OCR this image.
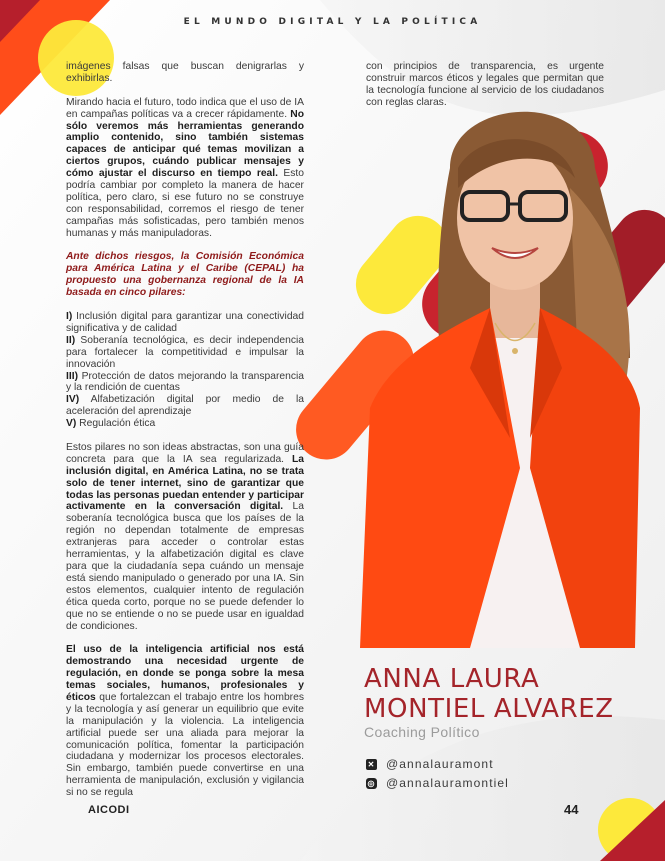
EL MUNDO DIGITAL Y LA POLÍTICA

imágenes falsas que buscan denigrarlas y exhibirlas.

Mirando hacia el futuro, todo indica que el uso de IA en campañas políticas va a crecer rápidamente. No sólo veremos más herramientas generando amplio contenido, sino también sistemas capaces de anticipar qué temas movilizan a ciertos grupos, cuándo publicar mensajes y cómo ajustar el discurso en tiempo real. Esto podría cambiar por completo la manera de hacer política, pero claro, si ese futuro no se construye con responsabilidad, corremos el riesgo de tener campañas más sofisticadas, pero también menos humanas y más manipuladoras.

Ante dichos riesgos, la Comisión Económica para América Latina y el Caribe (CEPAL) ha propuesto una gobernanza regional de la IA basada en cinco pilares:

I) Inclusión digital para garantizar una conectividad significativa y de calidad
II) Soberanía tecnológica, es decir independencia para fortalecer la competitividad e impulsar la innovación
III) Protección de datos mejorando la transparencia y la rendición de cuentas
IV) Alfabetización digital por medio de la aceleración del aprendizaje
V) Regulación ética

Estos pilares no son ideas abstractas, son una guía concreta para que la IA sea regularizada. La inclusión digital, en América Latina, no se trata solo de tener internet, sino de garantizar que todas las personas puedan entender y participar activamente en la conversación digital. La soberanía tecnológica busca que los países de la región no dependan totalmente de empresas extranjeras para acceder o controlar estas herramientas, y la alfabetización digital es clave para que la ciudadanía sepa cuándo un mensaje está siendo manipulado o generado por una IA. Sin estos elementos, cualquier intento de regulación ética queda corto, porque no se puede defender lo que no se entiende o no se puede usar en igualdad de condiciones.

El uso de la inteligencia artificial nos está demostrando una necesidad urgente de regulación, en donde se ponga sobre la mesa temas sociales, humanos, profesionales y éticos que fortalezcan el trabajo entre los hombres y la tecnología y así generar un equilibrio que evite la manipulación y la violencia. La inteligencia artificial puede ser una aliada para mejorar la comunicación política, fomentar la participación ciudadana y modernizar los procesos electorales. Sin embargo, también puede convertirse en una herramienta de manipulación, exclusión y vigilancia si no se regula

con principios de transparencia, es urgente construir marcos éticos y legales que permitan que la tecnología funcione al servicio de los ciudadanos con reglas claras.

ANNA LAURA
MONTIEL ALVAREZ
Coaching Político
✕ @annalauramont
◎ @annalauramontiel
AICODI	44
